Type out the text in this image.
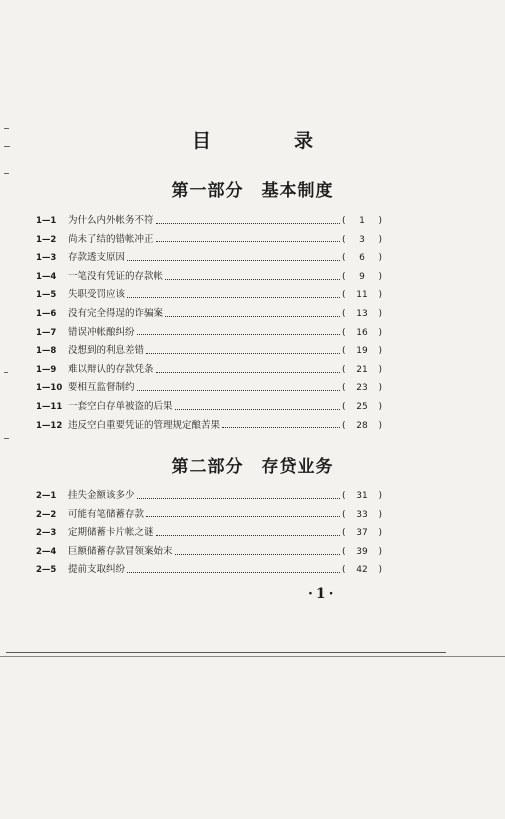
目　录
第一部分　基本制度
1—1	为什么内外帐务不符	(	1	)
1—2	尚未了结的错帐冲正	(	3	)
1—3	存款透支原因	(	6	)
1—4	一笔没有凭证的存款帐	(	9	)
1—5	失职受罚应该	(	11	)
1—6	没有完全得逞的诈骗案	(	13	)
1—7	错误冲帐酿纠纷	(	16	)
1—8	没想到的利息差错	(	19	)
1—9	难以辩认的存款凭条	(	21	)
1—10 要相互监督制约	(	23	)
1—11 一套空白存单被盗的后果	(	25	)
1—12 违反空白重要凭证的管理规定酿苦果	(	28	)
第二部分　存贷业务
2—1	挂失金额该多少	(	31	)
2—2	可能有笔储蓄存款	(	33	)
2—3	定期储蓄卡片帐之谜	(	37	)
2—4	巨额储蓄存款冒领案始末	(	39	)
2—5	提前支取纠纷	(	42	)
·1·
